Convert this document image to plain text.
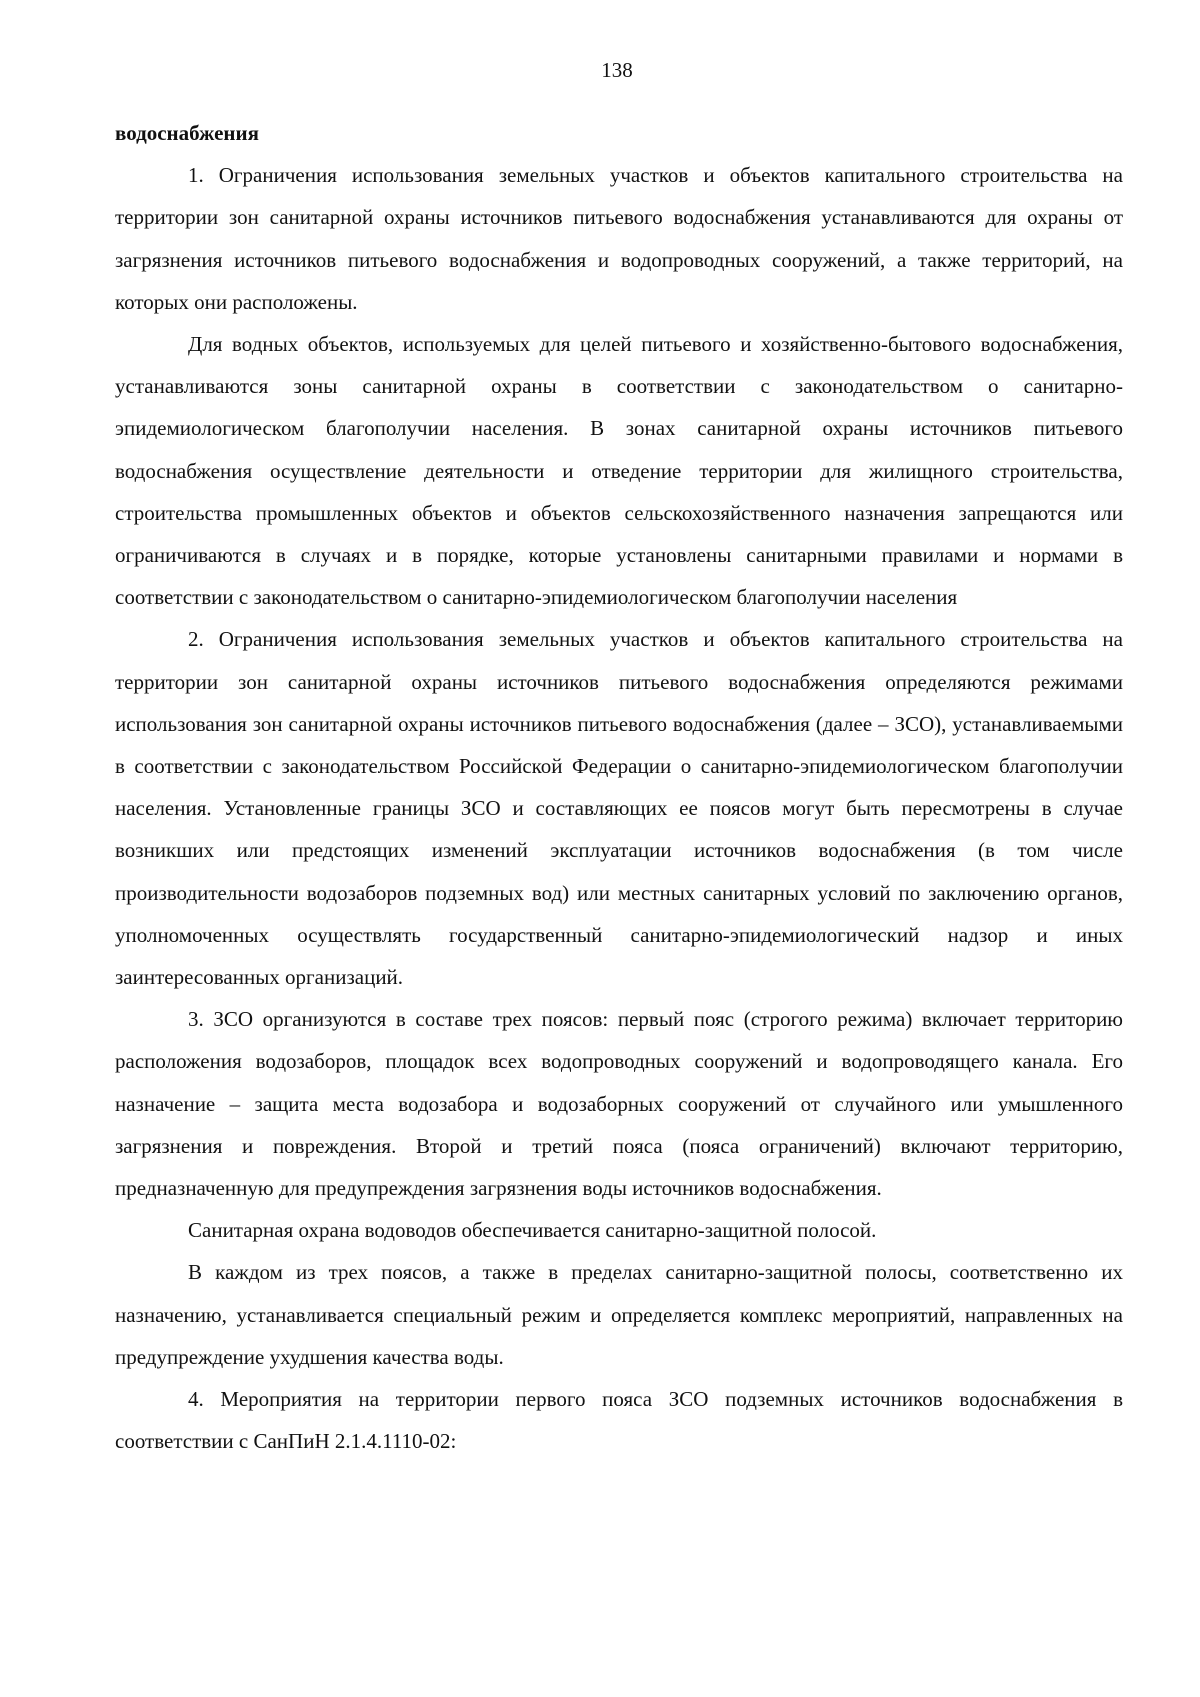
138

водоснабжения

1. Ограничения использования земельных участков и объектов капитального строительства на территории зон санитарной охраны источников питьевого водоснабжения устанавливаются для охраны от загрязнения источников питьевого водоснабжения и водопроводных сооружений, а также территорий, на которых они расположены.

Для водных объектов, используемых для целей питьевого и хозяйственно-бытового водоснабжения, устанавливаются зоны санитарной охраны в соответствии с законодательством о санитарно-эпидемиологическом благополучии населения. В зонах санитарной охраны источников питьевого водоснабжения осуществление деятельности и отведение территории для жилищного строительства, строительства промышленных объектов и объектов сельскохозяйственного назначения запрещаются или ограничиваются в случаях и в порядке, которые установлены санитарными правилами и нормами в соответствии с законодательством о санитарно-эпидемиологическом благополучии населения

2. Ограничения использования земельных участков и объектов капитального строительства на территории зон санитарной охраны источников питьевого водоснабжения определяются режимами использования зон санитарной охраны источников питьевого водоснабжения (далее – ЗСО), устанавливаемыми в соответствии с законодательством Российской Федерации о санитарно-эпидемиологическом благополучии населения. Установленные границы ЗСО и составляющих ее поясов могут быть пересмотрены в случае возникших или предстоящих изменений эксплуатации источников водоснабжения (в том числе производительности водозаборов подземных вод) или местных санитарных условий по заключению органов, уполномоченных осуществлять государственный санитарно-эпидемиологический надзор и иных заинтересованных организаций.

3. ЗСО организуются в составе трех поясов: первый пояс (строгого режима) включает территорию расположения водозаборов, площадок всех водопроводных сооружений и водопроводящего канала. Его назначение – защита места водозабора и водозаборных сооружений от случайного или умышленного загрязнения и повреждения. Второй и третий пояса (пояса ограничений) включают территорию, предназначенную для предупреждения загрязнения воды источников водоснабжения.

Санитарная охрана водоводов обеспечивается санитарно-защитной полосой.

В каждом из трех поясов, а также в пределах санитарно-защитной полосы, соответственно их назначению, устанавливается специальный режим и определяется комплекс мероприятий, направленных на предупреждение ухудшения качества воды.

4. Мероприятия на территории первого пояса ЗСО подземных источников водоснабжения в соответствии с СанПиН 2.1.4.1110-02:
